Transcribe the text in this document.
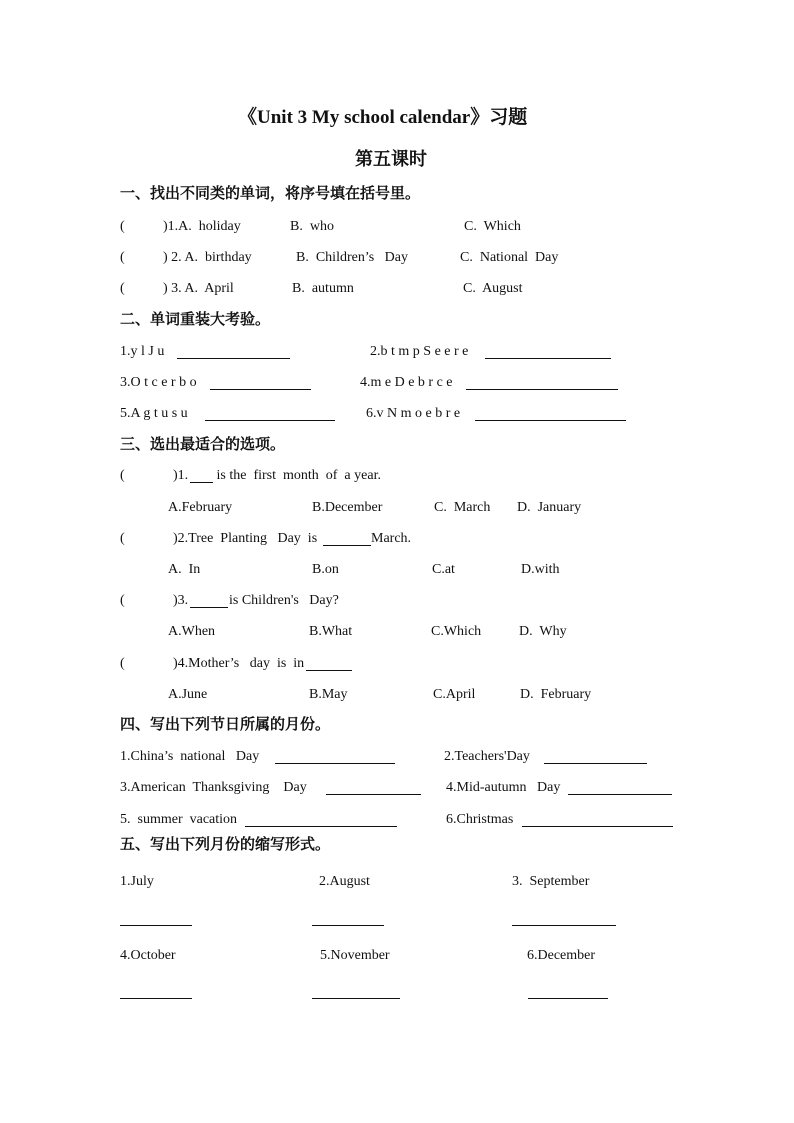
《Unit 3 My school calendar》习题
第五课时
一、找出不同类的单词，将序号填在括号里。
(	)1.A.  holiday	B.  who	C.  Which
(	) 2. A.  birthday	B.  Children’s   Day	C.  National  Day
(	) 3. A.  April	B.  autumn	C.  August
二、单词重装大考验。
1.y l J u	2.b t m p S e e r e
3.O t c e r b o	4.m e D e b r c e
5.A g t u s u	6.v N m o e b r e
三、选出最适合的选项。
(	)1. is the  first  month  of  a year.
A.February	B.December	C.  March D.  January
(	)2.Tree  Planting   Day  is	March.
A.  In	B.on	C.at	D.with
(	)3.	is Children's   Day?
A.When	B.What	C.Which	D.  Why
(	)4.Mother’s   day  is  in
A.June	B.May	C.April	D.  February
四、写出下列节日所属的月份。
1.China’s  national   Day	2.Teachers'Day
3.American  Thanksgiving    Day	4.Mid-autumn   Day
5.  summer  vacation	6.Christmas
五、写出下列月份的缩写形式。
1.July	2.August	3.  September
4.October	5.November	6.December
